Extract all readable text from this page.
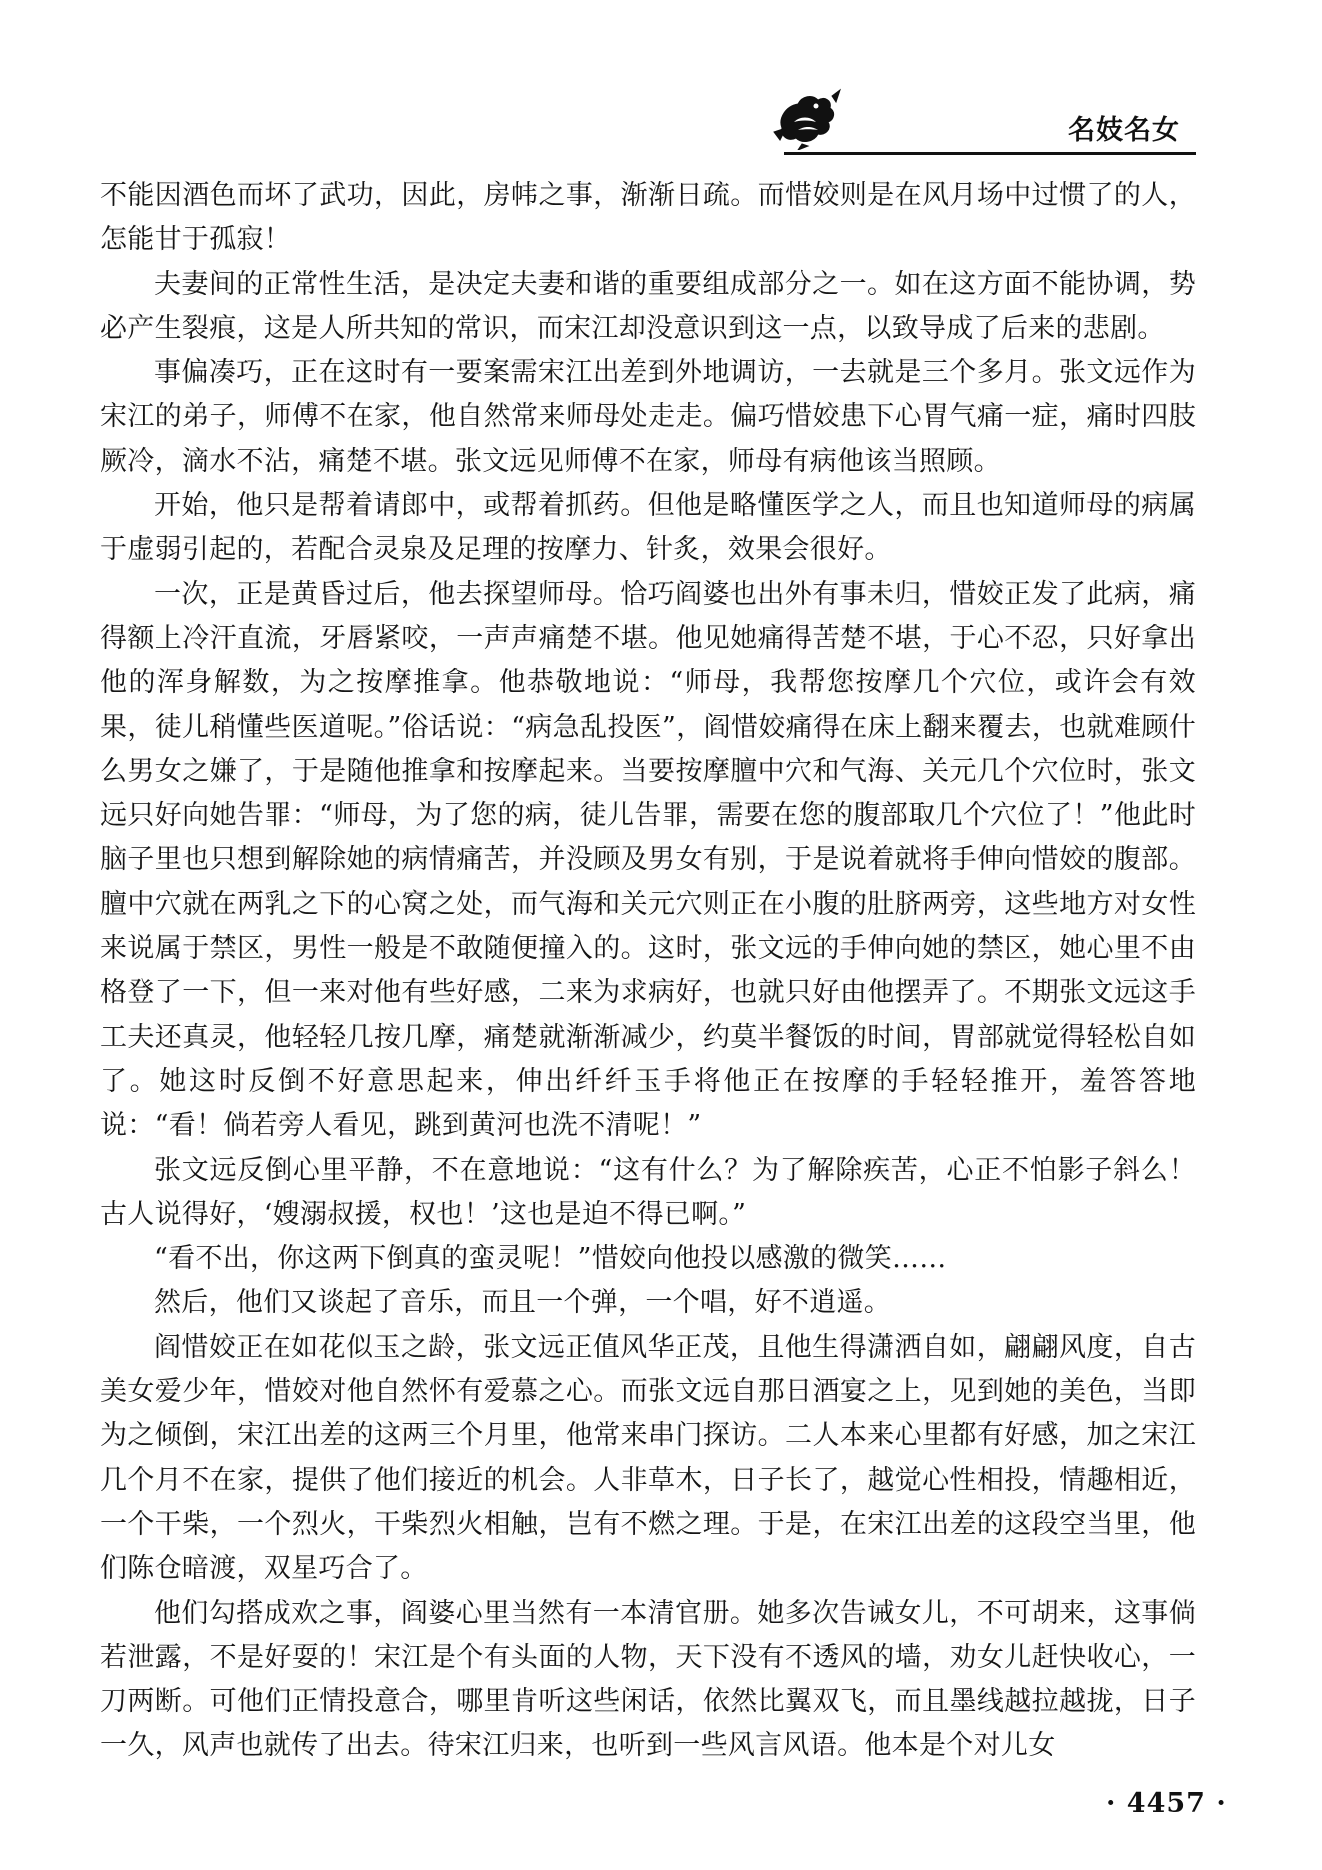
名妓名女

不能因酒色而坏了武功，因此，房帏之事，渐渐日疏。而惜姣则是在风月场中过惯了的人，怎能甘于孤寂！

夫妻间的正常性生活，是决定夫妻和谐的重要组成部分之一。如在这方面不能协调，势必产生裂痕，这是人所共知的常识，而宋江却没意识到这一点，以致导成了后来的悲剧。

事偏凑巧，正在这时有一要案需宋江出差到外地调访，一去就是三个多月。张文远作为宋江的弟子，师傅不在家，他自然常来师母处走走。偏巧惜姣患下心胃气痛一症，痛时四肢厥冷，滴水不沾，痛楚不堪。张文远见师傅不在家，师母有病他该当照顾。

开始，他只是帮着请郎中，或帮着抓药。但他是略懂医学之人，而且也知道师母的病属于虚弱引起的，若配合灵泉及足理的按摩力、针炙，效果会很好。

一次，正是黄昏过后，他去探望师母。恰巧阎婆也出外有事未归，惜姣正发了此病，痛得额上冷汗直流，牙唇紧咬，一声声痛楚不堪。他见她痛得苦楚不堪，于心不忍，只好拿出他的浑身解数，为之按摩推拿。他恭敬地说：“师母，我帮您按摩几个穴位，或许会有效果，徒儿稍懂些医道呢。”俗话说：“病急乱投医”，阎惜姣痛得在床上翻来覆去，也就难顾什么男女之嫌了，于是随他推拿和按摩起来。当要按摩膻中穴和气海、关元几个穴位时，张文远只好向她告罪：“师母，为了您的病，徒儿告罪，需要在您的腹部取几个穴位了！”他此时脑子里也只想到解除她的病情痛苦，并没顾及男女有别，于是说着就将手伸向惜姣的腹部。膻中穴就在两乳之下的心窝之处，而气海和关元穴则正在小腹的肚脐两旁，这些地方对女性来说属于禁区，男性一般是不敢随便撞入的。这时，张文远的手伸向她的禁区，她心里不由格登了一下，但一来对他有些好感，二来为求病好，也就只好由他摆弄了。不期张文远这手工夫还真灵，他轻轻几按几摩，痛楚就渐渐减少，约莫半餐饭的时间，胃部就觉得轻松自如了。她这时反倒不好意思起来，伸出纤纤玉手将他正在按摩的手轻轻推开，羞答答地说：“看！倘若旁人看见，跳到黄河也洗不清呢！”

张文远反倒心里平静，不在意地说：“这有什么？为了解除疾苦，心正不怕影子斜么！古人说得好，‘嫂溺叔援，权也！’这也是迫不得已啊。”

“看不出，你这两下倒真的蛮灵呢！”惜姣向他投以感激的微笑……

然后，他们又谈起了音乐，而且一个弹，一个唱，好不逍遥。

阎惜姣正在如花似玉之龄，张文远正值风华正茂，且他生得潇洒自如，翩翩风度，自古美女爱少年，惜姣对他自然怀有爱慕之心。而张文远自那日酒宴之上，见到她的美色，当即为之倾倒，宋江出差的这两三个月里，他常来串门探访。二人本来心里都有好感，加之宋江几个月不在家，提供了他们接近的机会。人非草木，日子长了，越觉心性相投，情趣相近，一个干柴，一个烈火，干柴烈火相触，岂有不燃之理。于是，在宋江出差的这段空当里，他们陈仓暗渡，双星巧合了。

他们勾搭成欢之事，阎婆心里当然有一本清官册。她多次告诫女儿，不可胡来，这事倘若泄露，不是好耍的！宋江是个有头面的人物，天下没有不透风的墙，劝女儿赶快收心，一刀两断。可他们正情投意合，哪里肯听这些闲话，依然比翼双飞，而且墨线越拉越拢，日子一久，风声也就传了出去。待宋江归来，也听到一些风言风语。他本是个对儿女

· 4457 ·
